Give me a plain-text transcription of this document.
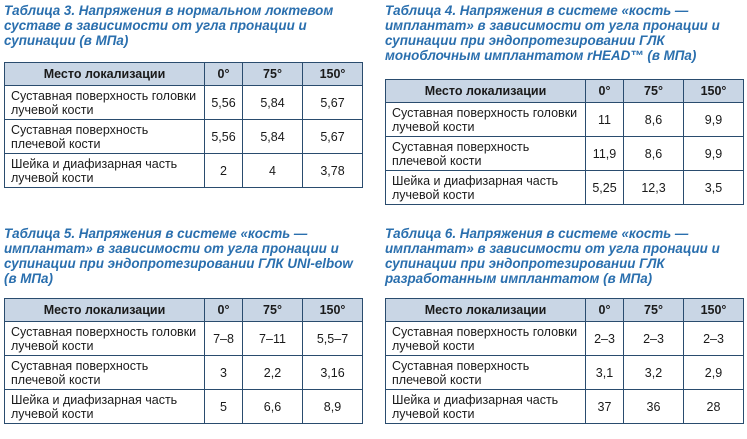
Таблица 3. Напряжения в нормальном локтевом суставе в зависимости от угла пронации и супинации (в МПа)

Место локализации	0°	75°	150°
Суставная поверхность головки лучевой кости	5,56	5,84	5,67
Суставная поверхность плечевой кости	5,56	5,84	5,67
Шейка и диафизарная часть лучевой кости	2	4	3,78

Таблица 4. Напряжения в системе «кость — имплантат» в зависимости от угла пронации и супинации при эндопротезировании ГЛК моноблочным имплантатом rHEAD™ (в МПа)

Место локализации	0°	75°	150°
Суставная поверхность головки лучевой кости	11	8,6	9,9
Суставная поверхность плечевой кости	11,9	8,6	9,9
Шейка и диафизарная часть лучевой кости	5,25	12,3	3,5

Таблица 5. Напряжения в системе «кость — имплантат» в зависимости от угла пронации и супинации при эндопротезировании ГЛК UNI-elbow (в МПа)

Место локализации	0°	75°	150°
Суставная поверхность головки лучевой кости	7–8	7–11	5,5–7
Суставная поверхность плечевой кости	3	2,2	3,16
Шейка и диафизарная часть лучевой кости	5	6,6	8,9

Таблица 6. Напряжения в системе «кость — имплантат» в зависимости от угла пронации и супинации при эндопротезировании ГЛК разработанным имплантатом (в МПа)

Место локализации	0°	75°	150°
Суставная поверхность головки лучевой кости	2–3	2–3	2–3
Суставная поверхность плечевой кости	3,1	3,2	2,9
Шейка и диафизарная часть лучевой кости	37	36	28
